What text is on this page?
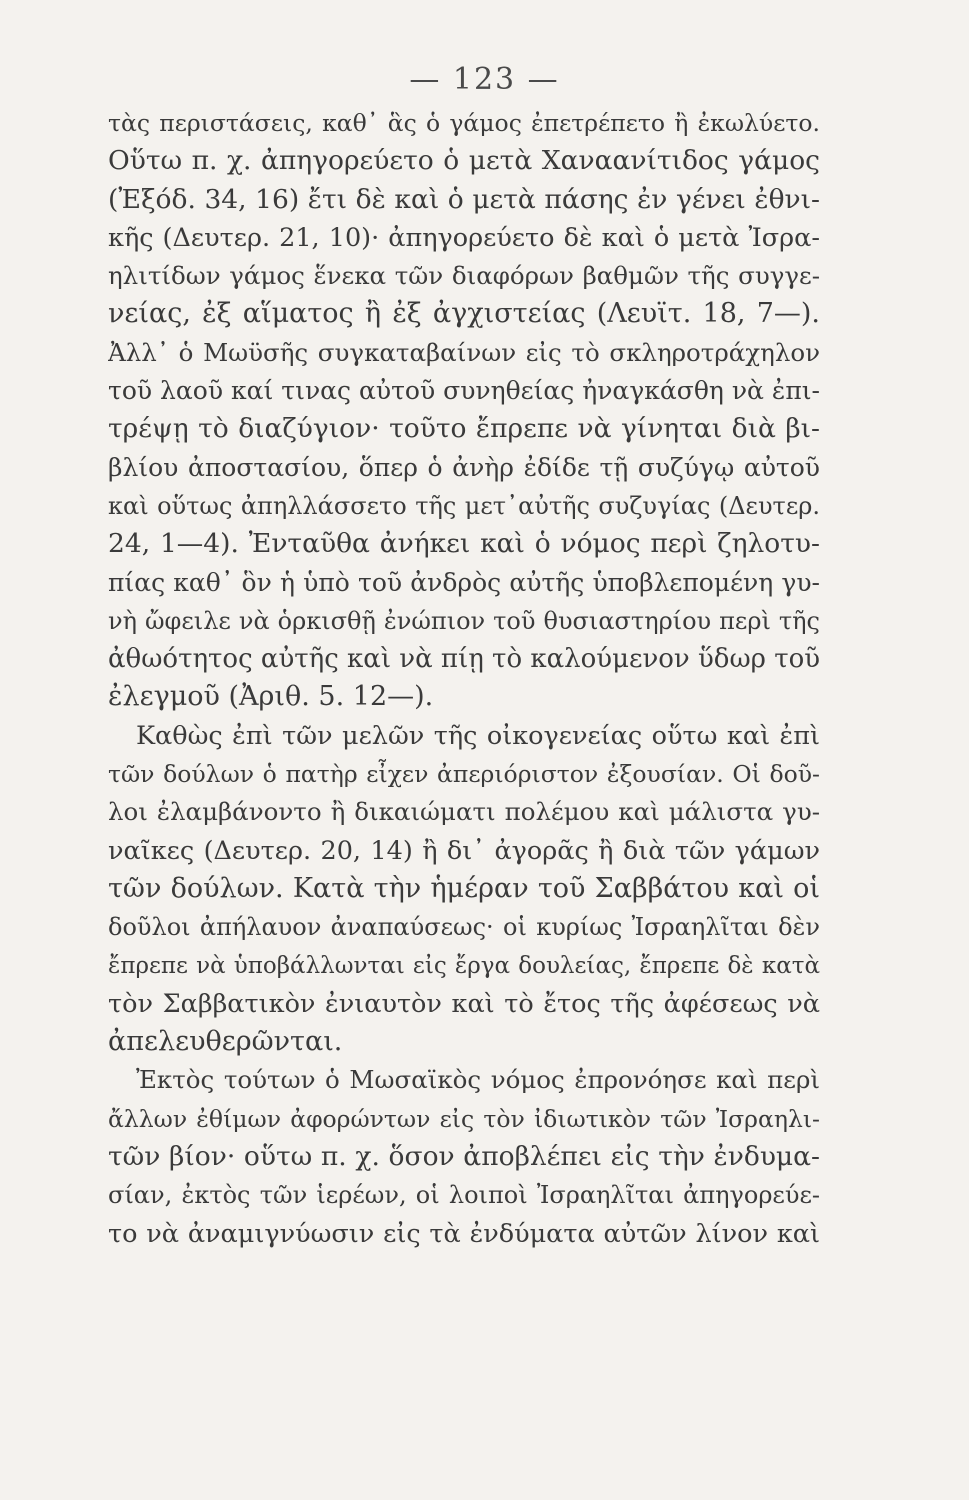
— 123 —
τὰς περιστάσεις, καθ᾽ ἃς ὁ γάμος ἐπετρέπετο ἢ ἐκωλύετο.
Οὕτω π. χ. ἀπηγορεύετο ὁ μετὰ Χαναανίτιδος γάμος
(Ἐξόδ. 34, 16) ἔτι δὲ καὶ ὁ μετὰ πάσης ἐν γένει ἐθνι-
κῆς (Δευτερ. 21, 10)· ἀπηγορεύετο δὲ καὶ ὁ μετὰ Ἰσρα-
ηλιτίδων γάμος ἕνεκα τῶν διαφόρων βαθμῶν τῆς συγγε-
νείας, ἐξ αἵματος ἢ ἐξ ἀγχιστείας (Λευϊτ. 18, 7—).
Ἀλλ᾽ ὁ Μωϋσῆς συγκαταβαίνων εἰς τὸ σκληροτράχηλον
τοῦ λαοῦ καί τινας αὐτοῦ συνηθείας ἠναγκάσθη νὰ ἐπι-
τρέψῃ τὸ διαζύγιον· τοῦτο ἔπρεπε νὰ γίνηται διὰ βι-
βλίου ἀποστασίου, ὅπερ ὁ ἀνὴρ ἐδίδε τῇ συζύγῳ αὐτοῦ
καὶ οὕτως ἀπηλλάσσετο τῆς μετ᾽αὐτῆς συζυγίας (Δευτερ.
24, 1—4). Ἐνταῦθα ἀνήκει καὶ ὁ νόμος περὶ ζηλοτυ-
πίας καθ᾽ ὃν ἡ ὑπὸ τοῦ ἀνδρὸς αὐτῆς ὑποβλεπομένη γυ-
νὴ ὤφειλε νὰ ὁρκισθῇ ἐνώπιον τοῦ θυσιαστηρίου περὶ τῆς
ἀθωότητος αὐτῆς καὶ νὰ πίῃ τὸ καλούμενον ὕδωρ τοῦ
ἐλεγμοῦ (Ἀριθ. 5. 12—).
Καθὼς ἐπὶ τῶν μελῶν τῆς οἰκογενείας οὕτω καὶ ἐπὶ
τῶν δούλων ὁ πατὴρ εἶχεν ἀπεριόριστον ἐξουσίαν. Οἱ δοῦ-
λοι ἐλαμβάνοντο ἢ δικαιώματι πολέμου καὶ μάλιστα γυ-
ναῖκες (Δευτερ. 20, 14) ἢ δι᾽ ἀγορᾶς ἢ διὰ τῶν γάμων
τῶν δούλων. Κατὰ τὴν ἡμέραν τοῦ Σαββάτου καὶ οἱ
δοῦλοι ἀπήλαυον ἀναπαύσεως· οἱ κυρίως Ἰσραηλῖται δὲν
ἔπρεπε νὰ ὑποβάλλωνται εἰς ἔργα δουλείας, ἔπρεπε δὲ κατὰ
τὸν Σαββατικὸν ἐνιαυτὸν καὶ τὸ ἔτος τῆς ἀφέσεως νὰ
ἀπελευθερῶνται.
Ἐκτὸς τούτων ὁ Μωσαϊκὸς νόμος ἐπρονόησε καὶ περὶ
ἄλλων ἐθίμων ἀφορώντων εἰς τὸν ἰδιωτικὸν τῶν Ἰσραηλι-
τῶν βίον· οὕτω π. χ. ὅσον ἀποβλέπει εἰς τὴν ἐνδυμα-
σίαν, ἐκτὸς τῶν ἱερέων, οἱ λοιποὶ Ἰσραηλῖται ἀπηγορεύε-
το νὰ ἀναμιγνύωσιν εἰς τὰ ἐνδύματα αὐτῶν λίνον καὶ
